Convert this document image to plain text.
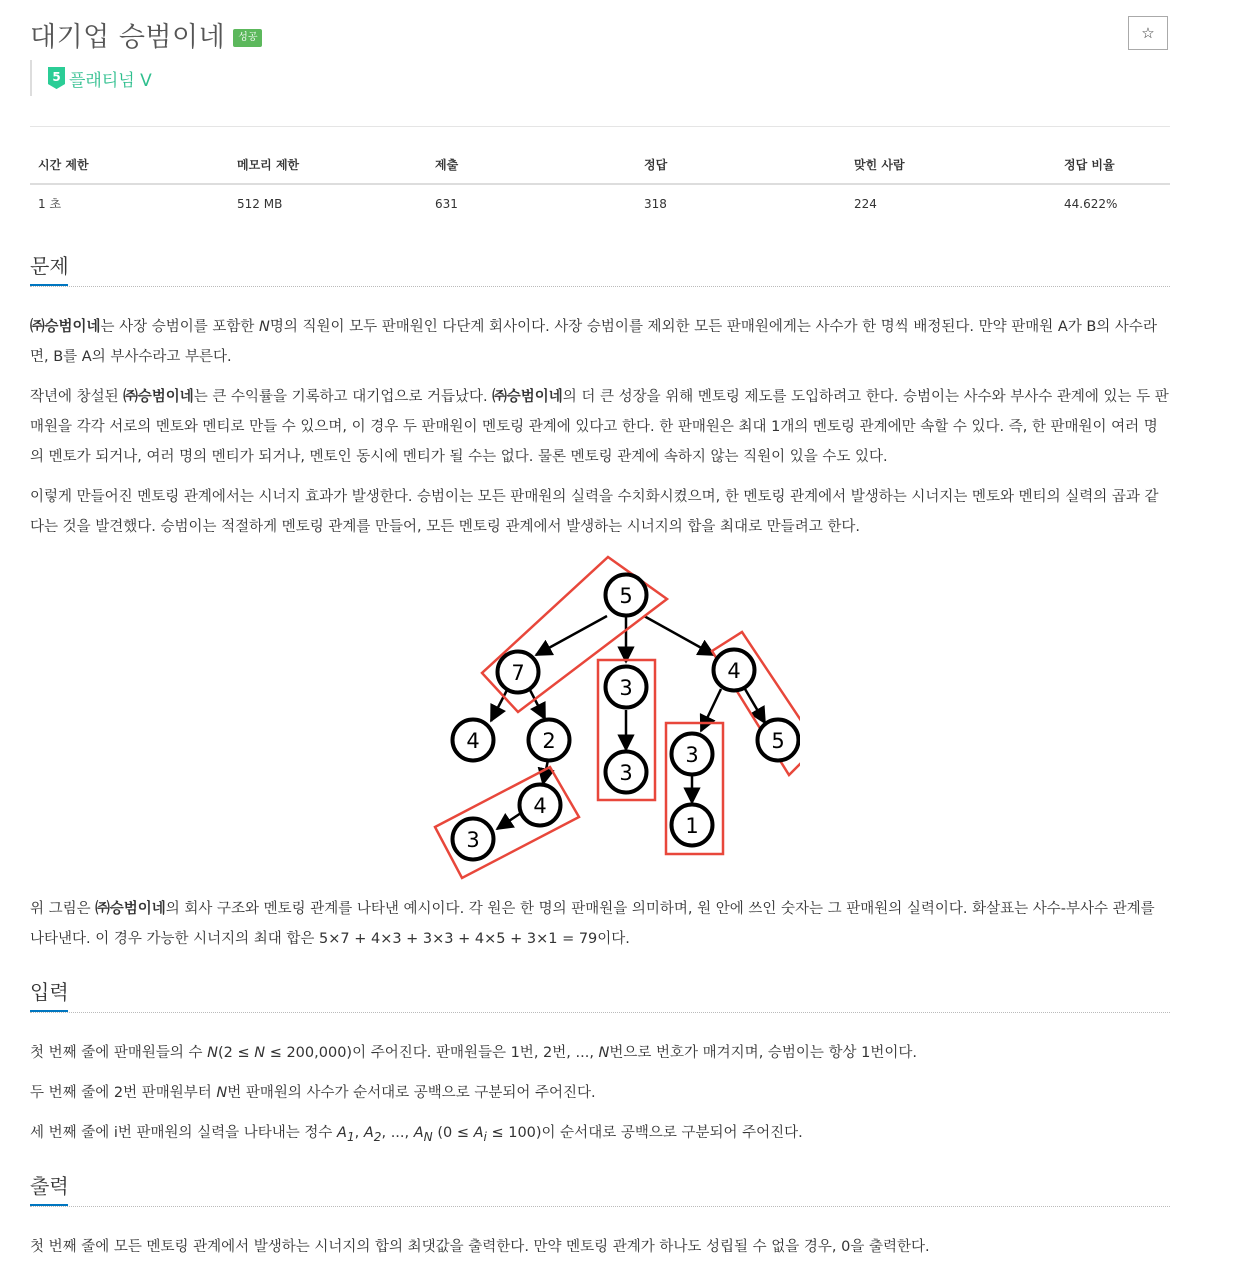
대기업 승범이네	성공	☆
5 플래티넘 V
시간 제한	메모리 제한	제출	정답	맞힌 사람	정답 비율
1 초	512 MB	631	318	224	44.622%
문제
㈜승범이네는 사장 승범이를 포함한 N명의 직원이 모두 판매원인 다단계 회사이다. 사장 승범이를 제외한 모든 판매원에게는 사수가 한 명씩 배정된다. 만약 판매원 A가 B의 사수라면, B를 A의 부사수라고 부른다.
작년에 창설된 ㈜승범이네는 큰 수익률을 기록하고 대기업으로 거듭났다. ㈜승범이네의 더 큰 성장을 위해 멘토링 제도를 도입하려고 한다. 승범이는 사수와 부사수 관계에 있는 두 판매원을 각각 서로의 멘토와 멘티로 만들 수 있으며, 이 경우 두 판매원이 멘토링 관계에 있다고 한다. 한 판매원은 최대 1개의 멘토링 관계에만 속할 수 있다. 즉, 한 판매원이 여러 명의 멘토가 되거나, 여러 명의 멘티가 되거나, 멘토인 동시에 멘티가 될 수는 없다. 물론 멘토링 관계에 속하지 않는 직원이 있을 수도 있다.
이렇게 만들어진 멘토링 관계에서는 시너지 효과가 발생한다. 승범이는 모든 판매원의 실력을 수치화시켰으며, 한 멘토링 관계에서 발생하는 시너지는 멘토와 멘티의 실력의 곱과 같다는 것을 발견했다. 승범이는 적절하게 멘토링 관계를 만들어, 모든 멘토링 관계에서 발생하는 시너지의 합을 최대로 만들려고 한다.
5
7
3
4
4	2
3
3
5
4
3
1
위 그림은 ㈜승범이네의 회사 구조와 멘토링 관계를 나타낸 예시이다. 각 원은 한 명의 판매원을 의미하며, 원 안에 쓰인 숫자는 그 판매원의 실력이다. 화살표는 사수-부사수 관계를 나타낸다. 이 경우 가능한 시너지의 최대 합은 5×7 + 4×3 + 3×3 + 4×5 + 3×1 = 79이다.
입력
첫 번째 줄에 판매원들의 수 N(2 ≤ N ≤ 200,000)이 주어진다. 판매원들은 1번, 2번, ..., N번으로 번호가 매겨지며, 승범이는 항상 1번이다.
두 번째 줄에 2번 판매원부터 N번 판매원의 사수가 순서대로 공백으로 구분되어 주어진다.
세 번째 줄에 i번 판매원의 실력을 나타내는 정수 $A_1$, $A_2$, ..., $A_N$ $(0 \le A_i \le 100)$이 순서대로 공백으로 구분되어 주어진다.
출력
첫 번째 줄에 모든 멘토링 관계에서 발생하는 시너지의 합의 최댓값을 출력한다. 만약 멘토링 관계가 하나도 성립될 수 없을 경우, 0을 출력한다.
